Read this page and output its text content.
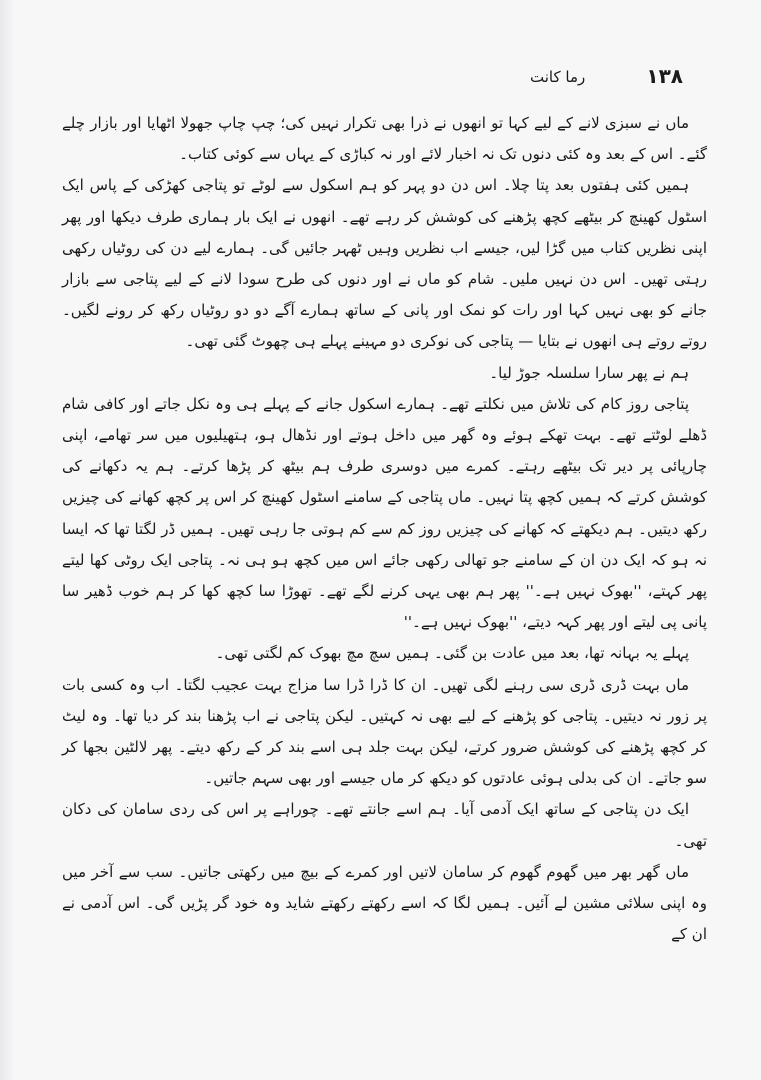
۱۳۸
رما کانت

ماں نے سبزی لانے کے لیے کہا تو انھوں نے ذرا بھی تکرار نہیں کی؛ چپ چاپ جھولا اٹھایا اور بازار چلے گئے۔ اس کے بعد وہ کئی دنوں تک نہ اخبار لائے اور نہ کباڑی کے یہاں سے کوئی کتاب۔

ہمیں کئی ہفتوں بعد پتا چلا۔ اس دن دو پہر کو ہم اسکول سے لوٹے تو پتاجی کھڑکی کے پاس ایک اسٹول کھینچ کر بیٹھے کچھ پڑھنے کی کوشش کر رہے تھے۔ انھوں نے ایک بار ہماری طرف دیکھا اور پھر اپنی نظریں کتاب میں گڑا لیں، جیسے اب نظریں وہیں ٹھہر جائیں گی۔ ہمارے لیے دن کی روٹیاں رکھی رہتی تھیں۔ اس دن نہیں ملیں۔ شام کو ماں نے اور دنوں کی طرح سودا لانے کے لیے پتاجی سے بازار جانے کو بھی نہیں کہا اور رات کو نمک اور پانی کے ساتھ ہمارے آگے دو دو روٹیاں رکھ کر رونے لگیں۔ روتے روتے ہی انھوں نے بتایا — پتاجی کی نوکری دو مہینے پہلے ہی چھوٹ گئی تھی۔

ہم نے پھر سارا سلسلہ جوڑ لیا۔

پتاجی روز کام کی تلاش میں نکلتے تھے۔ ہمارے اسکول جانے کے پہلے ہی وہ نکل جاتے اور کافی شام ڈھلے لوٹتے تھے۔ بہت تھکے ہوئے وہ گھر میں داخل ہوتے اور نڈھال ہو، ہتھیلیوں میں سر تھامے، اپنی چارپائی پر دیر تک بیٹھے رہتے۔ کمرے میں دوسری طرف ہم بیٹھ کر پڑھا کرتے۔ ہم یہ دکھانے کی کوشش کرتے کہ ہمیں کچھ پتا نہیں۔ ماں پتاجی کے سامنے اسٹول کھینچ کر اس پر کچھ کھانے کی چیزیں رکھ دیتیں۔ ہم دیکھتے کہ کھانے کی چیزیں روز کم سے کم ہوتی جا رہی تھیں۔ ہمیں ڈر لگتا تھا کہ ایسا نہ ہو کہ ایک دن ان کے سامنے جو تھالی رکھی جائے اس میں کچھ ہو ہی نہ۔ پتاجی ایک روٹی کھا لیتے پھر کہتے، ''بھوک نہیں ہے۔'' پھر ہم بھی یہی کرنے لگے تھے۔ تھوڑا سا کچھ کھا کر ہم خوب ڈھیر سا پانی پی لیتے اور پھر کہہ دیتے، ''بھوک نہیں ہے۔''

پہلے یہ بہانہ تھا، بعد میں عادت بن گئی۔ ہمیں سچ مچ بھوک کم لگتی تھی۔

ماں بہت ڈری ڈری سی رہنے لگی تھیں۔ ان کا ڈرا ڈرا سا مزاج بہت عجیب لگتا۔ اب وہ کسی بات پر زور نہ دیتیں۔ پتاجی کو پڑھنے کے لیے بھی نہ کہتیں۔ لیکن پتاجی نے اب پڑھنا بند کر دیا تھا۔ وہ لیٹ کر کچھ پڑھنے کی کوشش ضرور کرتے، لیکن بہت جلد ہی اسے بند کر کے رکھ دیتے۔ پھر لالٹین بجھا کر سو جاتے۔ ان کی بدلی ہوئی عادتوں کو دیکھ کر ماں جیسے اور بھی سہم جاتیں۔

ایک دن پتاجی کے ساتھ ایک آدمی آیا۔ ہم اسے جانتے تھے۔ چوراہے پر اس کی ردی سامان کی دکان تھی۔

ماں گھر بھر میں گھوم گھوم کر سامان لاتیں اور کمرے کے بیچ میں رکھتی جاتیں۔ سب سے آخر میں وہ اپنی سلائی مشین لے آئیں۔ ہمیں لگا کہ اسے رکھتے رکھتے شاید وہ خود گر پڑیں گی۔ اس آدمی نے ان کے
